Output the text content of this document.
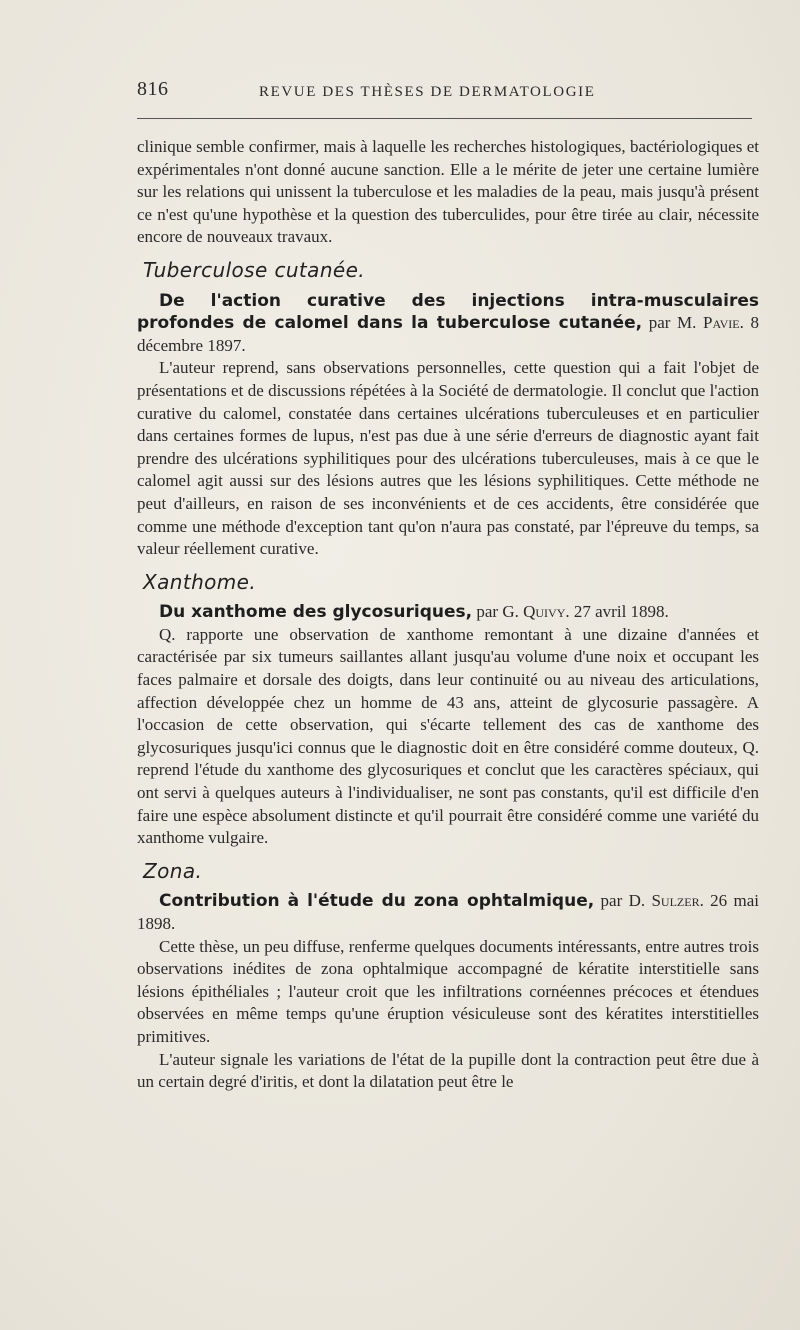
816	REVUE DES THÈSES DE DERMATOLOGIE

clinique semble confirmer, mais à laquelle les recherches histologiques, bactériologiques et expérimentales n'ont donné aucune sanction. Elle a le mérite de jeter une certaine lumière sur les relations qui unissent la tuberculose et les maladies de la peau, mais jusqu'à présent ce n'est qu'une hypothèse et la question des tuberculides, pour être tirée au clair, nécessite encore de nouveaux travaux.

Tuberculose cutanée.

De l'action curative des injections intra-musculaires profondes de calomel dans la tuberculose cutanée, par M. Pavie. 8 décembre 1897.

L'auteur reprend, sans observations personnelles, cette question qui a fait l'objet de présentations et de discussions répétées à la Société de dermatologie. Il conclut que l'action curative du calomel, constatée dans certaines ulcérations tuberculeuses et en particulier dans certaines formes de lupus, n'est pas due à une série d'erreurs de diagnostic ayant fait prendre des ulcérations syphilitiques pour des ulcérations tuberculeuses, mais à ce que le calomel agit aussi sur des lésions autres que les lésions syphilitiques. Cette méthode ne peut d'ailleurs, en raison de ses inconvénients et de ces accidents, être considérée que comme une méthode d'exception tant qu'on n'aura pas constaté, par l'épreuve du temps, sa valeur réellement curative.

Xanthome.

Du xanthome des glycosuriques, par G. Quivy. 27 avril 1898.

Q. rapporte une observation de xanthome remontant à une dizaine d'années et caractérisée par six tumeurs saillantes allant jusqu'au volume d'une noix et occupant les faces palmaire et dorsale des doigts, dans leur continuité ou au niveau des articulations, affection développée chez un homme de 43 ans, atteint de glycosurie passagère. A l'occasion de cette observation, qui s'écarte tellement des cas de xanthome des glycosuriques jusqu'ici connus que le diagnostic doit en être considéré comme douteux, Q. reprend l'étude du xanthome des glycosuriques et conclut que les caractères spéciaux, qui ont servi à quelques auteurs à l'individualiser, ne sont pas constants, qu'il est difficile d'en faire une espèce absolument distincte et qu'il pourrait être considéré comme une variété du xanthome vulgaire.

Zona.

Contribution à l'étude du zona ophtalmique, par D. Sulzer. 26 mai 1898.

Cette thèse, un peu diffuse, renferme quelques documents intéressants, entre autres trois observations inédites de zona ophtalmique accompagné de kératite interstitielle sans lésions épithéliales ; l'auteur croit que les infiltrations cornéennes précoces et étendues observées en même temps qu'une éruption vésiculeuse sont des kératites interstitielles primitives.

L'auteur signale les variations de l'état de la pupille dont la contraction peut être due à un certain degré d'iritis, et dont la dilatation peut être le
